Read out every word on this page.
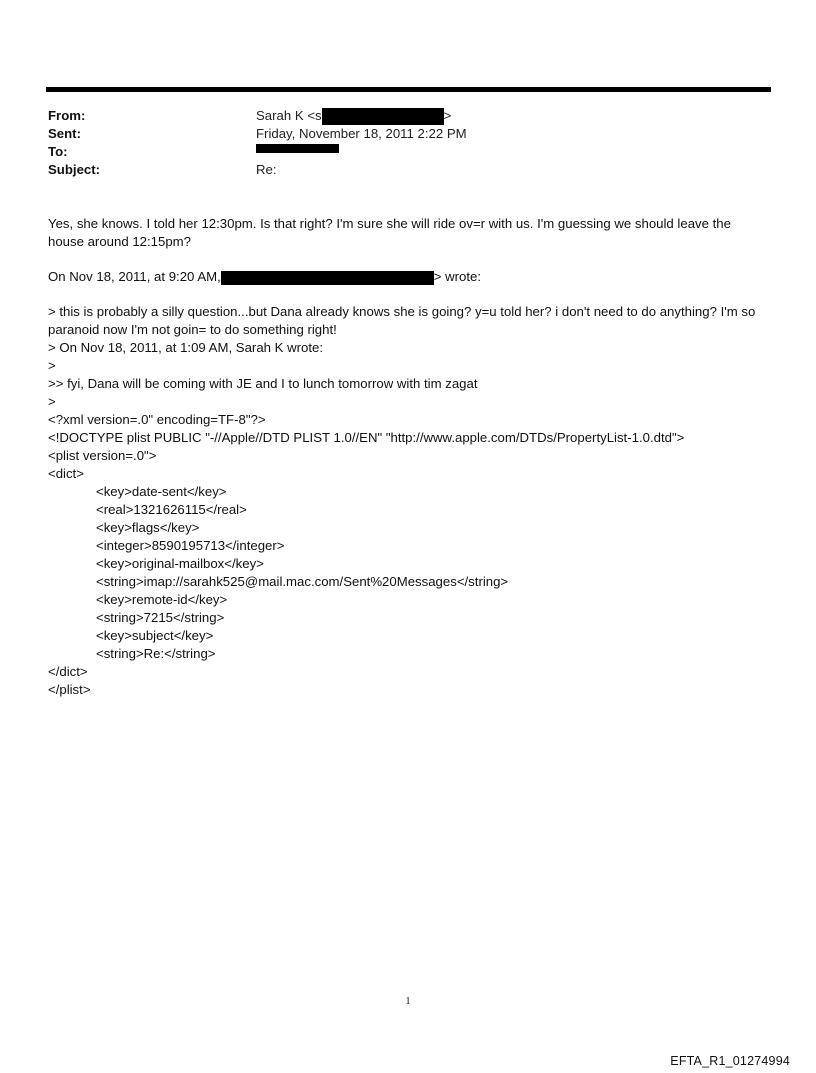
From:	Sarah K <s	>
Sent:	Friday, November 18, 2011 2:22 PM
To:
Subject:	Re:

Yes, she knows. I told her 12:30pm. Is that right? I'm sure she will ride ov=r with us. I'm guessing we should leave the house around 12:15pm?

On Nov 18, 2011, at 9:20 AM,	> wrote:

> this is probably a silly question...but Dana already knows she is going? y=u told her? i don't need to do anything? I'm so paranoid now I'm not goin= to do something right!

> On Nov 18, 2011, at 1:09 AM, Sarah K wrote:
>
>> fyi, Dana will be coming with JE and I to lunch tomorrow with tim zagat
>
<?xml version=.0" encoding=TF-8"?>
<!DOCTYPE plist PUBLIC "-//Apple//DTD PLIST 1.0//EN" "http://www.apple.com/DTDs/PropertyList-1.0.dtd">
<plist version=.0">
<dict>
<key>date-sent</key>
<real>1321626115</real>
<key>flags</key>
<integer>8590195713</integer>
<key>original-mailbox</key>
<string>imap://sarahk525@mail.mac.com/Sent%20Messages</string>
<key>remote-id</key>
<string>7215</string>
<key>subject</key>
<string>Re:</string>
</dict>
</plist>
1
EFTA_R1_01274994
